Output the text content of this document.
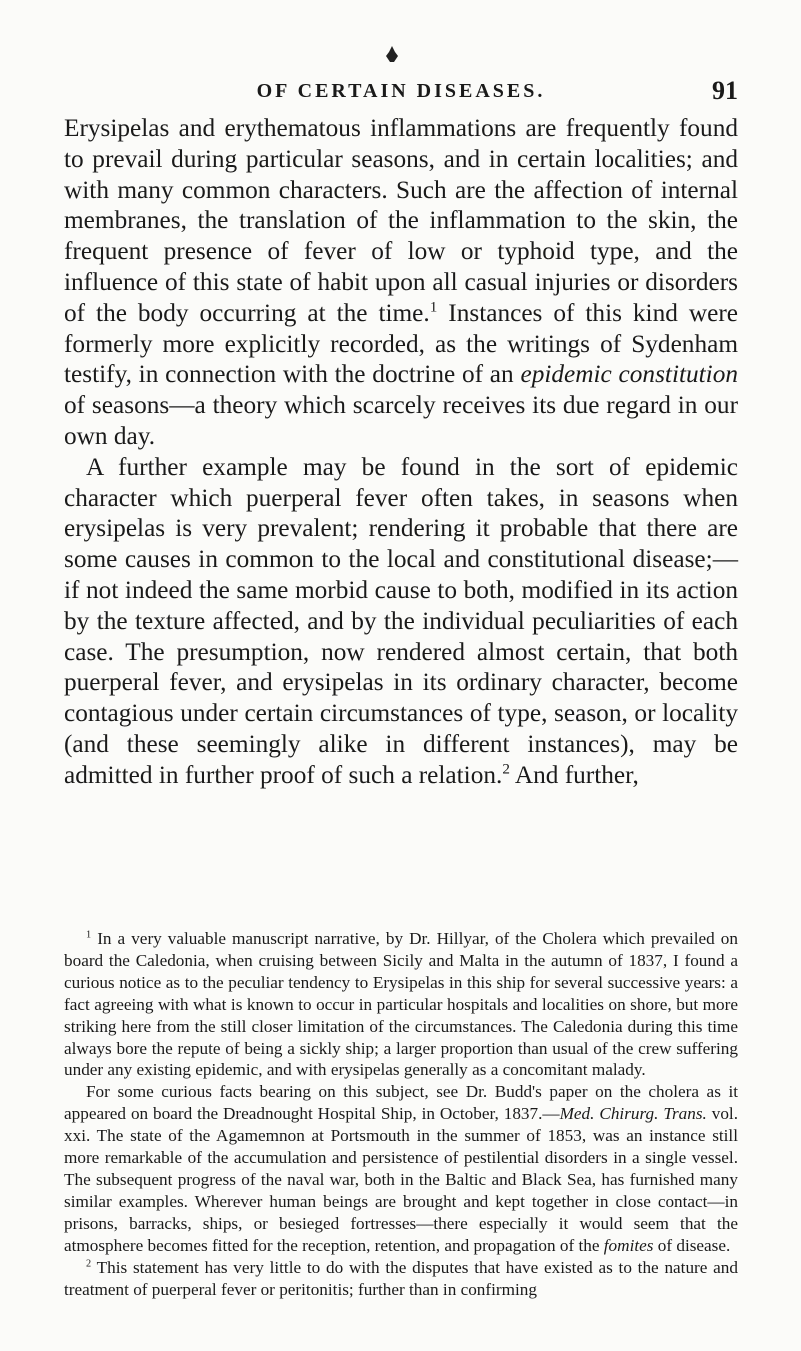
OF CERTAIN DISEASES.	91

Erysipelas and erythematous inflammations are frequently found to prevail during particular seasons, and in certain localities; and with many common characters. Such are the affection of internal membranes, the translation of the inflammation to the skin, the frequent presence of fever of low or typhoid type, and the influence of this state of habit upon all casual injuries or disorders of the body occurring at the time.$^1$ Instances of this kind were formerly more explicitly recorded, as the writings of Sydenham testify, in connection with the doctrine of an epidemic constitution of seasons—a theory which scarcely receives its due regard in our own day.

A further example may be found in the sort of epidemic character which puerperal fever often takes, in seasons when erysipelas is very prevalent; rendering it probable that there are some causes in common to the local and constitutional disease;—if not indeed the same morbid cause to both, modified in its action by the texture affected, and by the individual peculiarities of each case. The presumption, now rendered almost certain, that both puerperal fever, and erysipelas in its ordinary character, become contagious under certain circumstances of type, season, or locality (and these seemingly alike in different instances), may be admitted in further proof of such a relation.$^2$ And further,

$^1$ In a very valuable manuscript narrative, by Dr. Hillyar, of the Cholera which prevailed on board the Caledonia, when cruising between Sicily and Malta in the autumn of 1837, I found a curious notice as to the peculiar tendency to Erysipelas in this ship for several successive years: a fact agreeing with what is known to occur in particular hospitals and localities on shore, but more striking here from the still closer limitation of the circumstances. The Caledonia during this time always bore the repute of being a sickly ship; a larger proportion than usual of the crew suffering under any existing epidemic, and with erysipelas generally as a concomitant malady.

For some curious facts bearing on this subject, see Dr. Budd's paper on the cholera as it appeared on board the Dreadnought Hospital Ship, in October, 1837.—Med. Chirurg. Trans. vol. xxi. The state of the Agamemnon at Portsmouth in the summer of 1853, was an instance still more remarkable of the accumulation and persistence of pestilential disorders in a single vessel. The subsequent progress of the naval war, both in the Baltic and Black Sea, has furnished many similar examples. Wherever human beings are brought and kept together in close contact—in prisons, barracks, ships, or besieged fortresses—there especially it would seem that the atmosphere becomes fitted for the reception, retention, and propagation of the fomites of disease.

$^2$ This statement has very little to do with the disputes that have existed as to the nature and treatment of puerperal fever or peritonitis; further than in confirming
